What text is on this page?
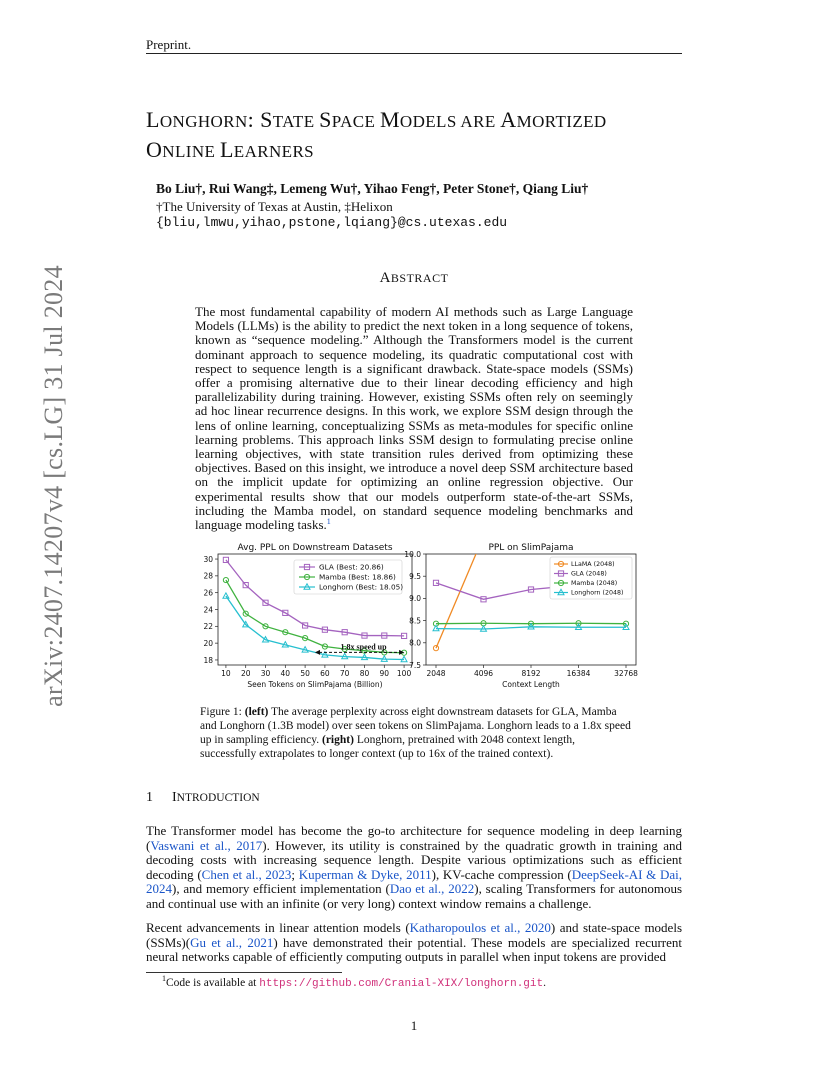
Preprint.
arXiv:2407.14207v4 [cs.LG] 31 Jul 2024
LONGHORN: STATE SPACE MODELS ARE AMORTIZED
ONLINE LEARNERS
Bo Liu†, Rui Wang‡, Lemeng Wu†, Yihao Feng†, Peter Stone†, Qiang Liu†
†The University of Texas at Austin, ‡Helixon
{bliu,lmwu,yihao,pstone,lqiang}@cs.utexas.edu
ABSTRACT
The most fundamental capability of modern AI methods such as Large Language Models (LLMs) is the ability to predict the next token in a long sequence of tokens, known as “sequence modeling.” Although the Transformers model is the current dominant approach to sequence modeling, its quadratic computational cost with respect to sequence length is a significant drawback. State-space models (SSMs) offer a promising alternative due to their linear decoding efficiency and high parallelizability during training. However, existing SSMs often rely on seemingly ad hoc linear recurrence designs. In this work, we explore SSM design through the lens of online learning, conceptualizing SSMs as meta-modules for specific online learning problems. This approach links SSM design to formulating precise online learning objectives, with state transition rules derived from optimizing these objectives. Based on this insight, we introduce a novel deep SSM architecture based on the implicit update for optimizing an online regression objective. Our experimental results show that our models outperform state-of-the-art SSMs, including the Mamba model, on standard sequence modeling benchmarks and language modeling tasks.$^1$
Avg. PPL on Downstream Datasets
18
20
22
24
26
28
30
10 20 30 40 50 60 70 80 90 100
Seen Tokens on SlimPajama (Billion)
1.8x speed up
GLA (Best: 20.86)
Mamba (Best: 18.86)
Longhorn (Best: 18.05)
PPL on SlimPajama
7.5
8.0
8.5
9.0
9.5
10.0
2048	4096	8192	16384	32768
Context Length
LLaMA (2048)
GLA (2048)
Mamba (2048)
Longhorn (2048)
Figure 1: (left) The average perplexity across eight downstream datasets for GLA, Mamba and Longhorn (1.3B model) over seen tokens on SlimPajama. Longhorn leads to a 1.8x speed up in sampling efficiency. (right) Longhorn, pretrained with 2048 context length, successfully extrapolates to longer context (up to 16x of the trained context).
1 INTRODUCTION
The Transformer model has become the go-to architecture for sequence modeling in deep learning (Vaswani et al., 2017). However, its utility is constrained by the quadratic growth in training and decoding costs with increasing sequence length. Despite various optimizations such as efficient decoding (Chen et al., 2023; Kuperman & Dyke, 2011), KV-cache compression (DeepSeek-AI & Dai, 2024), and memory efficient implementation (Dao et al., 2022), scaling Transformers for autonomous and continual use with an infinite (or very long) context window remains a challenge.
Recent advancements in linear attention models (Katharopoulos et al., 2020) and state-space models (SSMs)(Gu et al., 2021) have demonstrated their potential. These models are specialized recurrent neural networks capable of efficiently computing outputs in parallel when input tokens are provided
$^1$Code is available at https://github.com/Cranial-XIX/longhorn.git.
1
